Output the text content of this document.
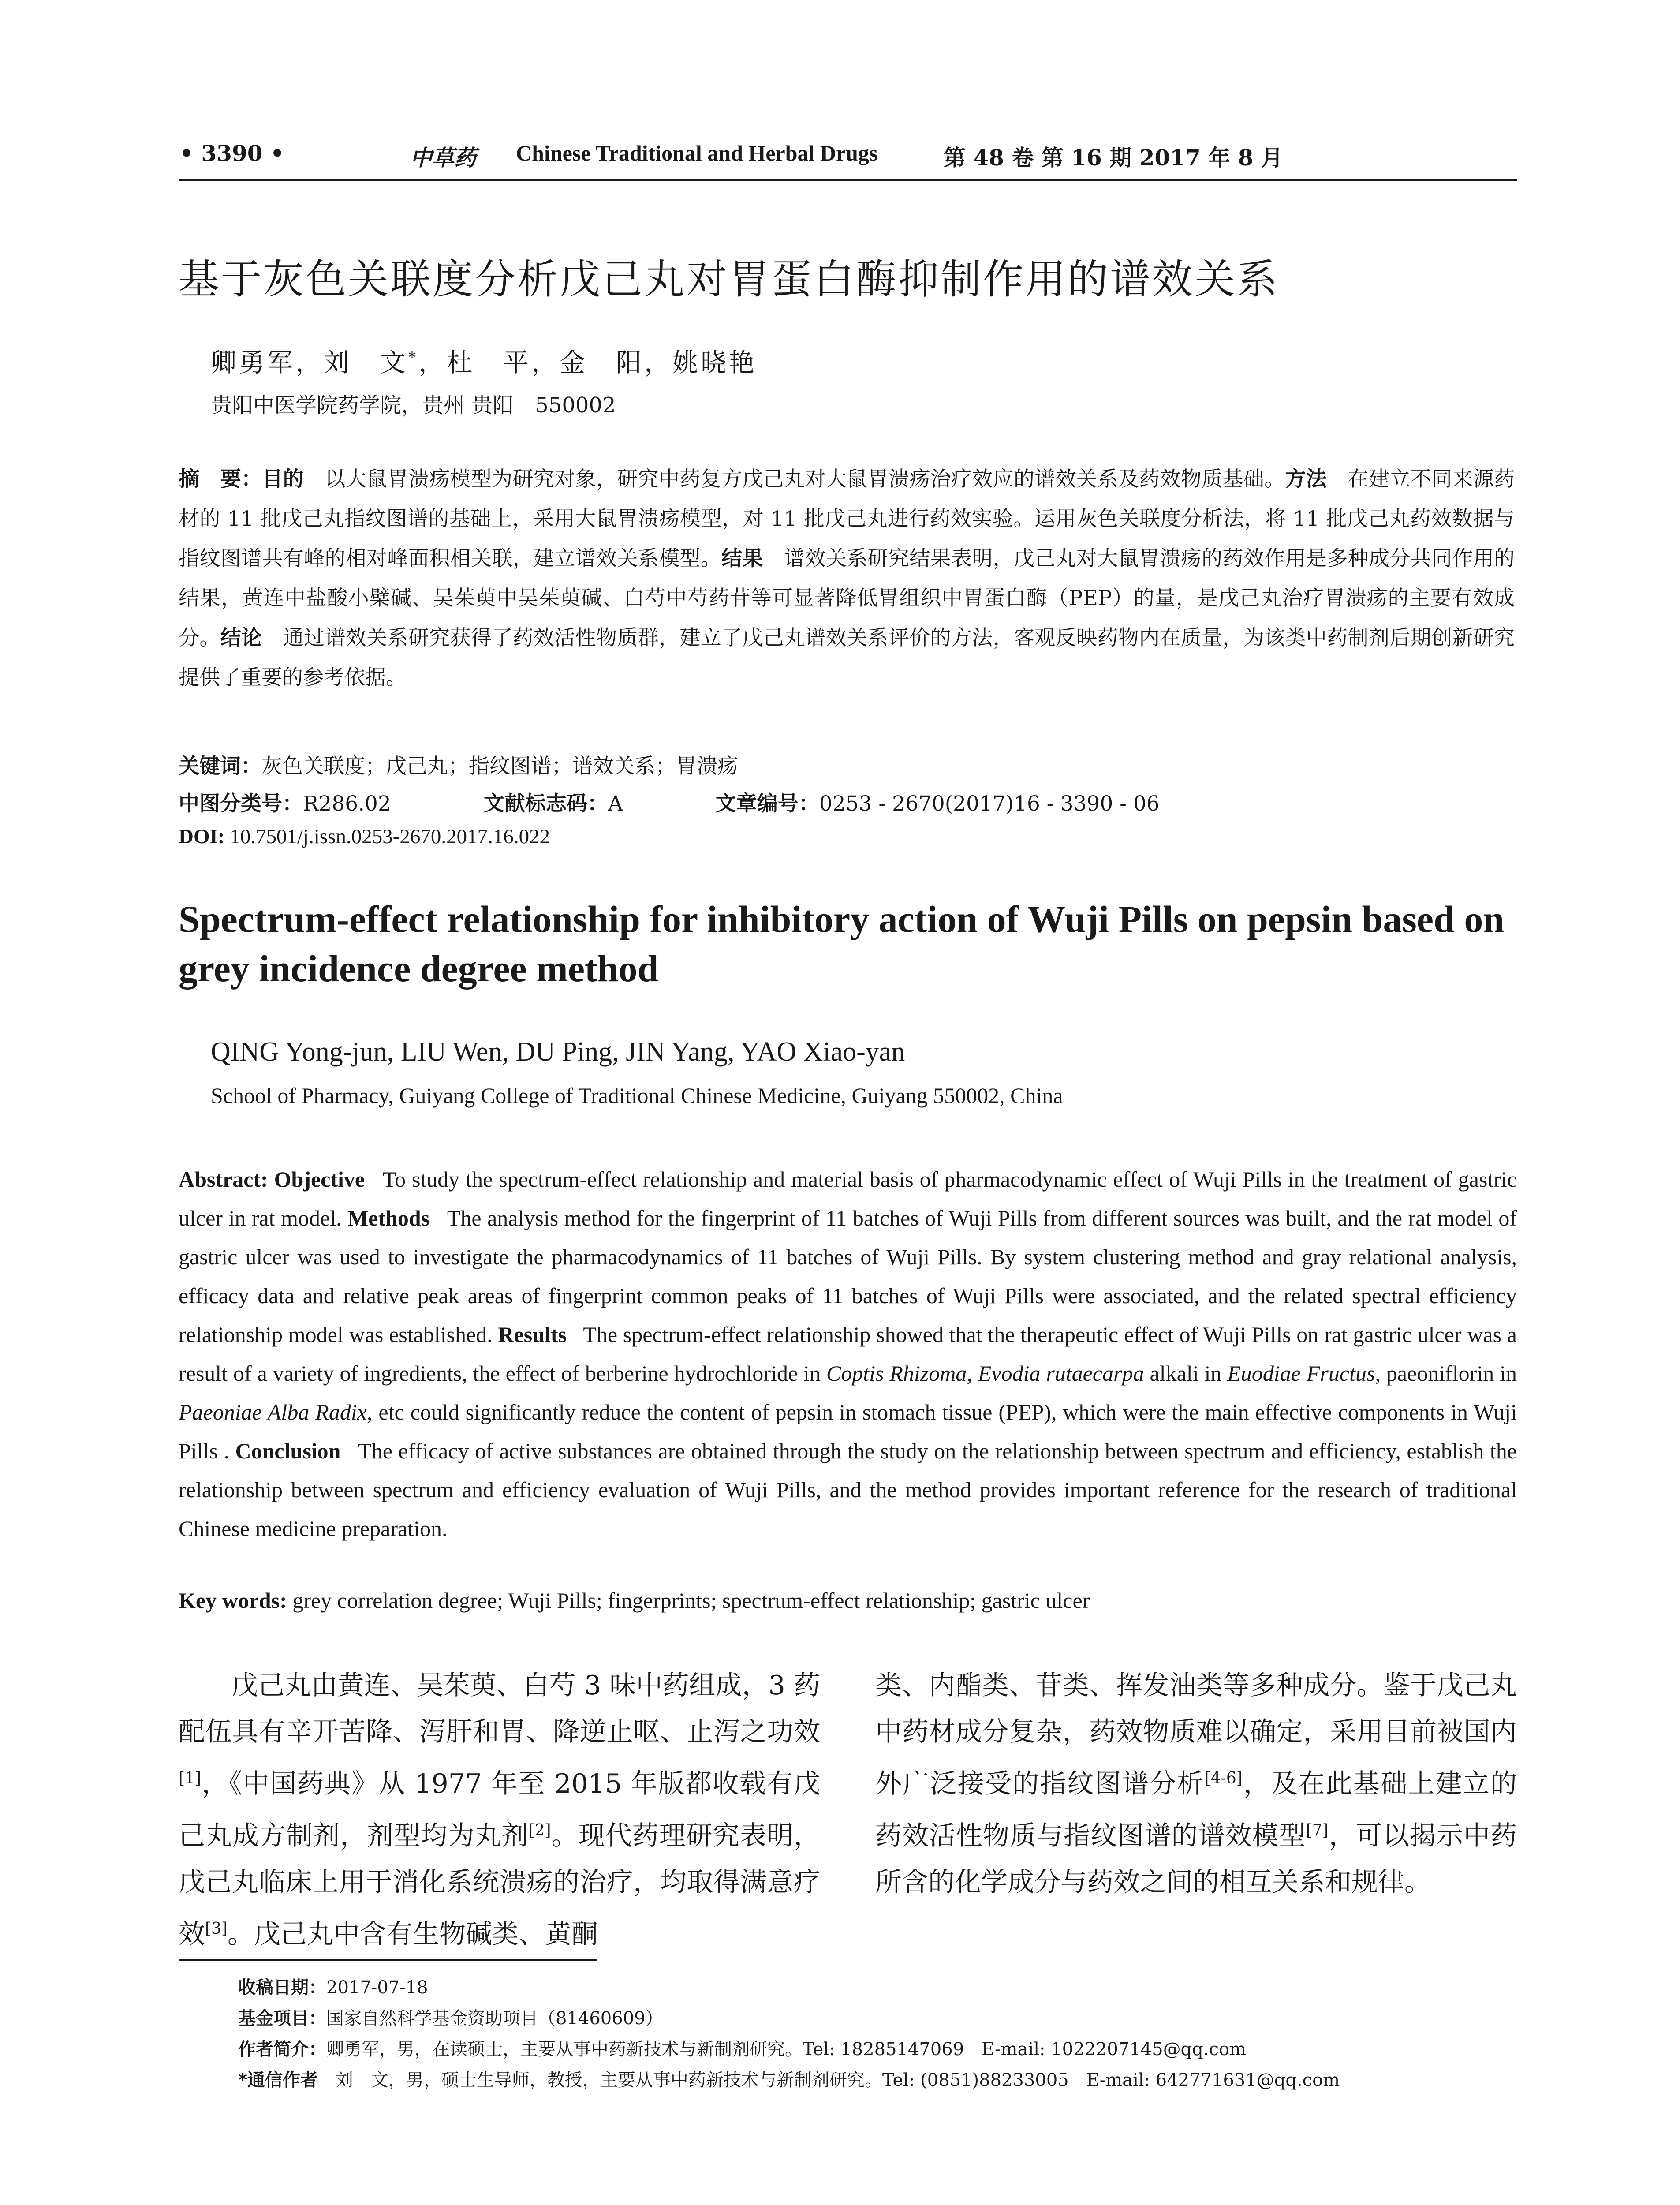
• 3390 •	中草药 Chinese Traditional and Herbal Drugs	第 48 卷 第 16 期 2017 年 8 月
基于灰色关联度分析戊己丸对胃蛋白酶抑制作用的谱效关系
卿勇军，刘　文*，杜　平，金　阳，姚晓艳
贵阳中医学院药学院，贵州 贵阳　550002
摘　要：目的　 以大鼠胃溃疡模型为研究对象，研究中药复方戊己丸对大鼠胃溃疡治疗效应的谱效关系及药效物质基础。方法　 在建立不同来源药材的 11 批戊己丸指纹图谱的基础上，采用大鼠胃溃疡模型，对 11 批戊己丸进行药效实验。运用灰色关联度分析法，将 11 批戊己丸药效数据与指纹图谱共有峰的相对峰面积相关联，建立谱效关系模型。结果　 谱效关系研究结果表明，戊己丸对大鼠胃溃疡的药效作用是多种成分共同作用的结果，黄连中盐酸小檗碱、吴茱萸中吴茱萸碱、白芍中芍药苷等可显著降低胃组织中胃蛋白酶（PEP）的量，是戊己丸治疗胃溃疡的主要有效成分。结论　 通过谱效关系研究获得了药效活性物质群，建立了戊己丸谱效关系评价的方法，客观反映药物内在质量，为该类中药制剂后期创新研究提供了重要的参考依据。
关键词：灰色关联度；戊己丸；指纹图谱；谱效关系；胃溃疡
中图分类号：R286.02	文献标志码：A	文章编号：0253 - 2670(2017)16 - 3390 - 06
DOI: 10.7501/j.issn.0253-2670.2017.16.022
Spectrum-effect relationship for inhibitory action of Wuji Pills on pepsin based on grey incidence degree method
QING Yong-jun, LIU Wen, DU Ping, JIN Yang, YAO Xiao-yan
School of Pharmacy, Guiyang College of Traditional Chinese Medicine, Guiyang 550002, China
Abstract: Objective To study the spectrum-effect relationship and material basis of pharmacodynamic effect of Wuji Pills in the treatment of gastric ulcer in rat model. Methods The analysis method for the fingerprint of 11 batches of Wuji Pills from different sources was built, and the rat model of gastric ulcer was used to investigate the pharmacodynamics of 11 batches of Wuji Pills. By system clustering method and gray relational analysis, efficacy data and relative peak areas of fingerprint common peaks of 11 batches of Wuji Pills were associated, and the related spectral efficiency relationship model was established. Results The spectrum-effect relationship showed that the therapeutic effect of Wuji Pills on rat gastric ulcer was a result of a variety of ingredients, the effect of berberine hydrochloride in Coptis Rhizoma, Evodia rutaecarpa alkali in Euodiae Fructus, paeoniflorin in Paeoniae Alba Radix, etc could significantly reduce the content of pepsin in stomach tissue (PEP), which were the main effective components in Wuji Pills . Conclusion The efficacy of active substances are obtained through the study on the relationship between spectrum and efficiency, establish the relationship between spectrum and efficiency evaluation of Wuji Pills, and the method provides important reference for the research of traditional Chinese medicine preparation.
Key words: grey correlation degree; Wuji Pills; fingerprints; spectrum-effect relationship; gastric ulcer
戊己丸由黄连、吴茱萸、白芍 3 味中药组成，3 药配伍具有辛开苦降、泻肝和胃、降逆止呕、止泻之功效[1]，《中国药典》从 1977 年至 2015 年版都收载有戊己丸成方制剂，剂型均为丸剂[2]。现代药理研究表明，戊己丸临床上用于消化系统溃疡的治疗，均取得满意疗效[3]。戊己丸中含有生物碱类、黄酮
类、内酯类、苷类、挥发油类等多种成分。鉴于戊己丸中药材成分复杂，药效物质难以确定，采用目前被国内外广泛接受的指纹图谱分析[4-6]，及在此基础上建立的药效活性物质与指纹图谱的谱效模型[7]，可以揭示中药所含的化学成分与药效之间的相互关系和规律。
收稿日期：2017-07-18
基金项目：国家自然科学基金资助项目（81460609）
作者简介：卿勇军，男，在读硕士，主要从事中药新技术与新制剂研究。Tel: 18285147069　E-mail: 1022207145@qq.com
*通信作者　 刘　文，男，硕士生导师，教授，主要从事中药新技术与新制剂研究。Tel: (0851)88233005　E-mail: 642771631@qq.com
